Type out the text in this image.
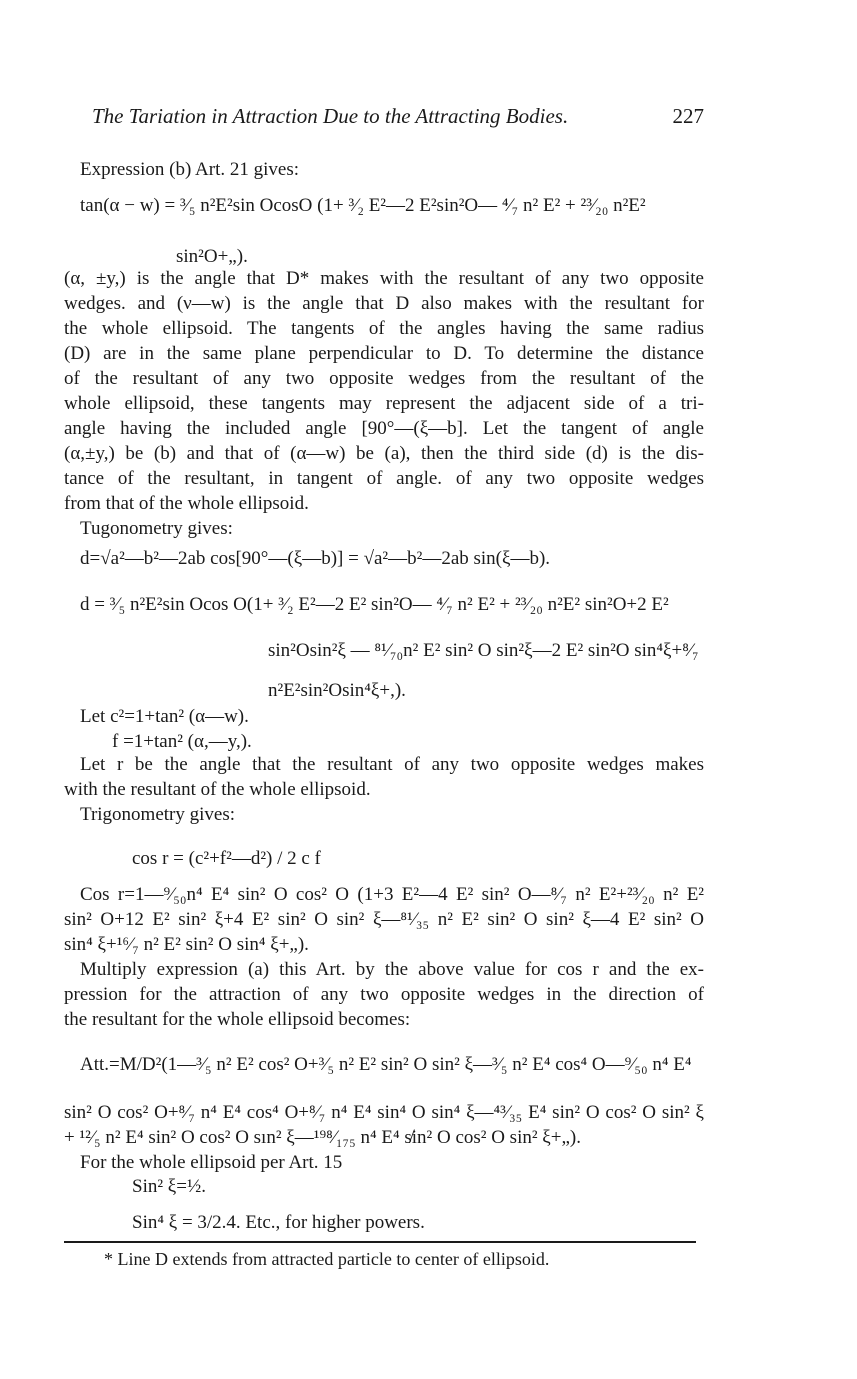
The Tariation in Attraction Due to the Attracting Bodies.	227
Expression (b) Art. 21 gives:
tan(α − w) = ³⁄₅ n²E²sin OcosO (1+ ³⁄₂ E²—2 E²sin²O— ⁴⁄₇ n² E² + ²³⁄₂₀ n²E²
sin²O+„).
(α, ±y,) is the angle that D* makes with the resultant of any two opposite
wedges. and (ν—w) is the angle that D also makes with the resultant for
the whole ellipsoid. The tangents of the angles having the same radius
(D) are in the same plane perpendicular to D. To determine the distance
of the resultant of any two opposite wedges from the resultant of the
whole ellipsoid, these tangents may represent the adjacent side of a tri-
angle having the included angle [90°—(ξ—b]. Let the tangent of angle
(α,±y,) be (b) and that of (α—w) be (a), then the third side (d) is the dis-
tance of the resultant, in tangent of angle. of any two opposite wedges
from that of the whole ellipsoid.
Tugonometry gives:
d=√a²—b²—2ab cos[90°—(ξ—b)] = √a²—b²—2ab sin(ξ—b).
d = ³⁄₅ n²E²sin Ocos O(1+ ³⁄₂ E²—2 E² sin²O— ⁴⁄₇ n² E² + ²³⁄₂₀ n²E² sin²O+2 E²
sin²Osin²ξ — ⁸¹⁄₇₀n² E² sin² O sin²ξ—2 E² sin²O sin⁴ξ+⁸⁄₇
n²E²sin²Osin⁴ξ+,).
Let c²=1+tan² (α—w).
f =1+tan² (α,—y,).
Let r be the angle that the resultant of any two opposite wedges makes
with the resultant of the whole ellipsoid.
Trigonometry gives:
cos r = (c²+f²—d²) / 2 c f
Cos r=1—⁹⁄₅₀n⁴ E⁴ sin² O cos² O (1+3 E²—4 E² sin² O—⁸⁄₇ n² E²+²³⁄₂₀ n² E²
sin² O+12 E² sin² ξ+4 E² sin² O sin² ξ—⁸¹⁄₃₅ n² E² sin² O sin² ξ—4 E² sin² O
sin⁴ ξ+¹⁶⁄₇ n² E² sin² O sin⁴ ξ+„).
Multiply expression (a) this Art. by the above value for cos r and the ex-
pression for the attraction of any two opposite wedges in the direction of
the resultant for the whole ellipsoid becomes:
Att.=M/D²(1—³⁄₅ n² E² cos² O+³⁄₅ n² E² sin² O sin² ξ—³⁄₅ n² E⁴ cos⁴ O—⁹⁄₅₀ n⁴ E⁴
sin² O cos² O+⁸⁄₇ n⁴ E⁴ cos⁴ O+⁸⁄₇ n⁴ E⁴ sin⁴ O sin⁴ ξ—⁴³⁄₃₅ E⁴ sin² O cos² O sin² ξ
+ ¹²⁄₅ n² E⁴ sin² O cos² O sın² ξ—¹⁹⁸⁄₁₇₅ n⁴ E⁴ s̸in² O cos² O sin² ξ+„).
For the whole ellipsoid per Art. 15
Sin² ξ=½.
Sin⁴ ξ = 3/2.4. Etc., for higher powers.
* Line D extends from attracted particle to center of ellipsoid.
